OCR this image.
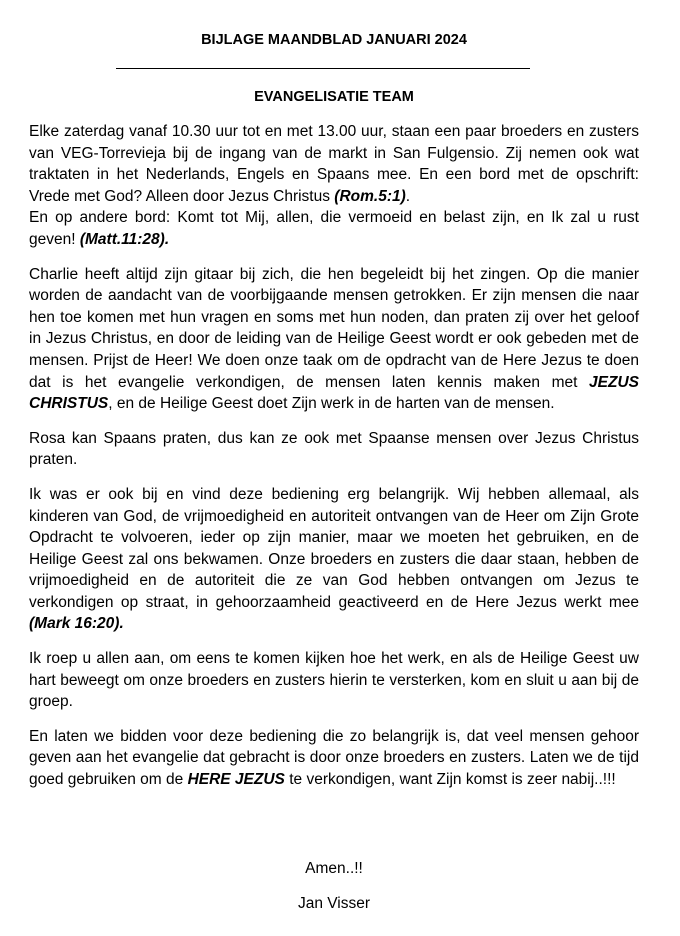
BIJLAGE MAANDBLAD JANUARI 2024
EVANGELISATIE TEAM

Elke zaterdag vanaf 10.30 uur tot en met 13.00 uur, staan een paar broeders en zusters van VEG-Torrevieja bij de ingang van de markt in San Fulgensio. Zij nemen ook wat traktaten in het Nederlands, Engels en Spaans mee. En een bord met de opschrift: Vrede met God? Alleen door Jezus Christus (Rom.5:1).
En op andere bord: Komt tot Mij, allen, die vermoeid en belast zijn, en Ik zal u rust geven! (Matt.11:28).

Charlie heeft altijd zijn gitaar bij zich, die hen begeleidt bij het zingen. Op die manier worden de aandacht van de voorbijgaande mensen getrokken. Er zijn mensen die naar hen toe komen met hun vragen en soms met hun noden, dan praten zij over het geloof in Jezus Christus, en door de leiding van de Heilige Geest wordt er ook gebeden met de mensen. Prijst de Heer! We doen onze taak om de opdracht van de Here Jezus te doen dat is het evangelie verkondigen, de mensen laten kennis maken met JEZUS CHRISTUS, en de Heilige Geest doet Zijn werk in de harten van de mensen.

Rosa kan Spaans praten, dus kan ze ook met Spaanse mensen over Jezus Christus praten.

Ik was er ook bij en vind deze bediening erg belangrijk. Wij hebben allemaal, als kinderen van God, de vrijmoedigheid en autoriteit ontvangen van de Heer om Zijn Grote Opdracht te volvoeren, ieder op zijn manier, maar we moeten het gebruiken, en de Heilige Geest zal ons bekwamen. Onze broeders en zusters die daar staan, hebben de vrijmoedigheid en de autoriteit die ze van God hebben ontvangen om Jezus te verkondigen op straat, in gehoorzaamheid geactiveerd en de Here Jezus werkt mee (Mark 16:20).

Ik roep u allen aan, om eens te komen kijken hoe het werk, en als de Heilige Geest uw hart beweegt om onze broeders en zusters hierin te versterken, kom en sluit u aan bij de groep.

En laten we bidden voor deze bediening die zo belangrijk is, dat veel mensen gehoor geven aan het evangelie dat gebracht is door onze broeders en zusters. Laten we de tijd goed gebruiken om de HERE JEZUS te verkondigen, want Zijn komst is zeer nabij..!!!

Amen..!!
Jan Visser
